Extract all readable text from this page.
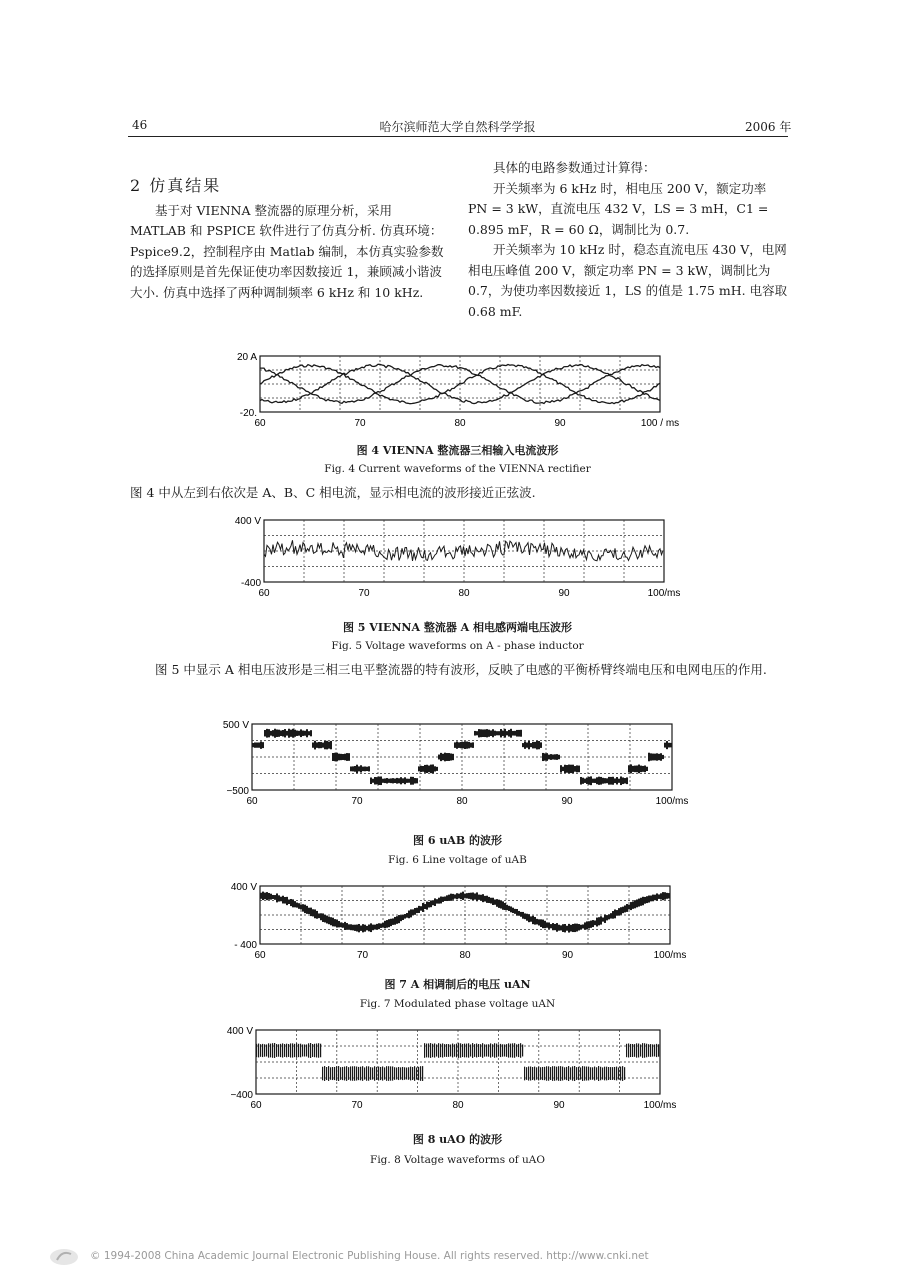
46	哈尔滨师范大学自然科学学报	2006 年
2 仿真结果

基于对 VIENNA 整流器的原理分析，采用 MATLAB 和 PSPICE 软件进行了仿真分析. 仿真环境：Pspice9.2，控制程序由 Matlab 编制，本仿真实验参数的选择原则是首先保证使功率因数接近 1，兼顾减小谐波大小. 仿真中选择了两种调制频率 6 kHz 和 10 kHz.

具体的电路参数通过计算得：

开关频率为 6 kHz 时，相电压 200 V，额定功率 PN = 3 kW，直流电压 432 V，LS = 3 mH，C1 = 0.895 mF，R = 60 Ω，调制比为 0.7.

开关频率为 10 kHz 时，稳态直流电压 430 V，电网相电压峰值 200 V，额定功率 PN = 3 kW，调制比为 0.7，为使功率因数接近 1，LS 的值是 1.75 mH. 电容取 0.68 mF.

20 A
-20.
60	70	80	90	100 / ms
图 4 VIENNA 整流器三相输入电流波形
Fig. 4 Current waveforms of the VIENNA rectifier
图 4 中从左到右依次是 A、B、C 相电流，显示相电流的波形接近正弦波.
400 V
-400
60	70	80	90	100/ms
图 5 VIENNA 整流器 A 相电感两端电压波形
Fig. 5 Voltage waveforms on A - phase inductor
图 5 中显示 A 相电压波形是三相三电平整流器的特有波形，反映了电感的平衡桥臂终端电压和电网电压的作用.
500 V
−500
60	70	80	90	100/ms
图 6 uAB 的波形
Fig. 6 Line voltage of uAB
400 V
- 400
60	70	80	90	100/ms
图 7 A 相调制后的电压 uAN
Fig. 7 Modulated phase voltage uAN
400 V
−400
60	70	80	90	100/ms
图 8 uAO 的波形
Fig. 8 Voltage waveforms of uAO
© 1994-2008 China Academic Journal Electronic Publishing House. All rights reserved. http://www.cnki.net
